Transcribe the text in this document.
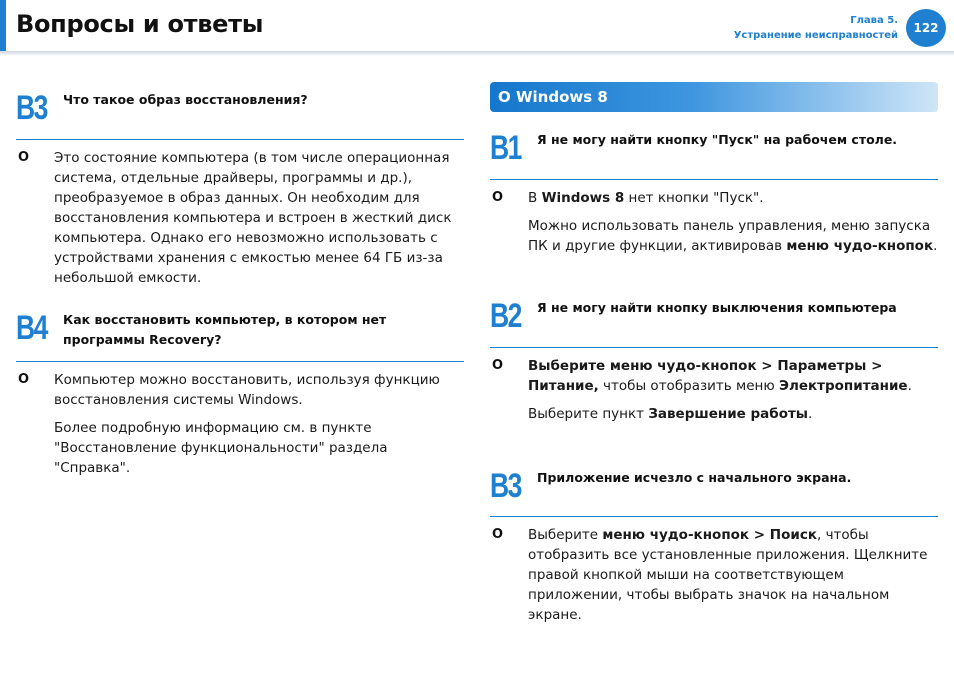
Вопросы и ответы	Глава 5.
Устранение неисправностей
122
B3 Что такое образ восстановления?
O Это состояние компьютера (в том числе операционная система, отдельные драйверы, программы и др.), преобразуемое в образ данных. Он необходим для восстановления компьютера и встроен в жесткий диск компьютера. Однако его невозможно использовать с устройствами хранения с емкостью менее 64 ГБ из-за небольшой емкости.

B4 Как восстановить компьютер, в котором нет программы Recovery?
O Компьютер можно восстановить, используя функцию восстановления системы Windows.

Более подробную информацию см. в пункте "Восстановление функциональности" раздела "Справка".

О Windows 8
B1 Я не могу найти кнопку "Пуск" на рабочем столе.
O В Windows 8 нет кнопки "Пуск".

Можно использовать панель управления, меню запуска ПК и другие функции, активировав меню чудо-кнопок.

B2 Я не могу найти кнопку выключения компьютера
O Выберите меню чудо-кнопок > Параметры > Питание, чтобы отобразить меню Электропитание.

Выберите пункт Завершение работы.

B3 Приложение исчезло с начального экрана.
O Выберите меню чудо-кнопок > Поиск, чтобы отобразить все установленные приложения. Щелкните правой кнопкой мыши на соответствующем приложении, чтобы выбрать значок на начальном экране.
